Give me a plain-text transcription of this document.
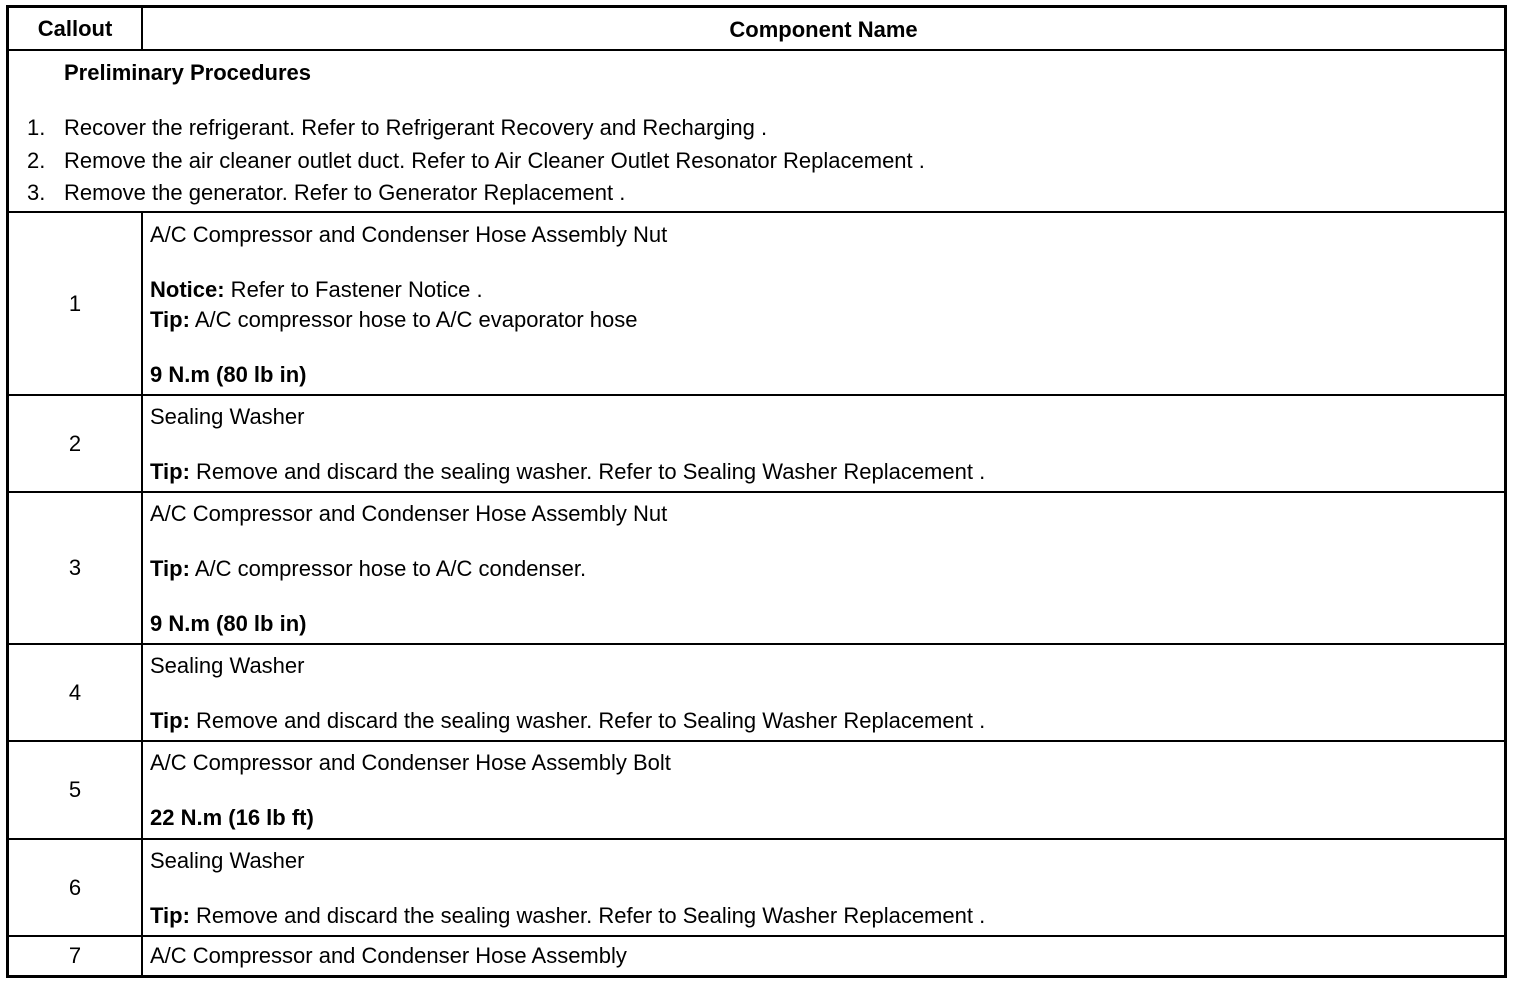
Callout	Component Name
Preliminary Procedures
1. Recover the refrigerant. Refer to Refrigerant Recovery and Recharging .
2. Remove the air cleaner outlet duct. Refer to Air Cleaner Outlet Resonator Replacement .
3. Remove the generator. Refer to Generator Replacement .
1
A/C Compressor and Condenser Hose Assembly Nut
Notice: Refer to Fastener Notice .
Tip: A/C compressor hose to A/C evaporator hose
9 N.m (80 lb in)
2
Sealing Washer
Tip: Remove and discard the sealing washer. Refer to Sealing Washer Replacement .
3
A/C Compressor and Condenser Hose Assembly Nut
Tip: A/C compressor hose to A/C condenser.
9 N.m (80 lb in)
4
Sealing Washer
Tip: Remove and discard the sealing washer. Refer to Sealing Washer Replacement .
5
A/C Compressor and Condenser Hose Assembly Bolt
22 N.m (16 lb ft)
6
Sealing Washer
Tip: Remove and discard the sealing washer. Refer to Sealing Washer Replacement .
7	A/C Compressor and Condenser Hose Assembly
